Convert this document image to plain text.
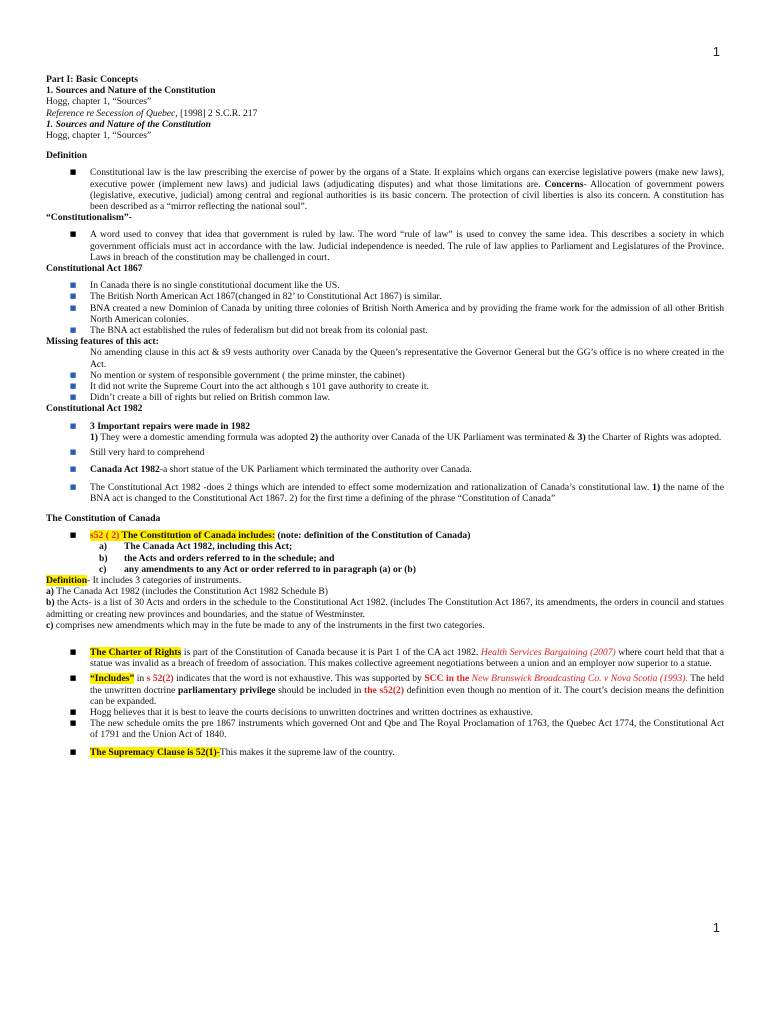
1

Part I: Basic Concepts

1. Sources and Nature of the Constitution

Hogg, chapter 1, “Sources”

Reference re Secession of Quebec, [1998] 2 S.C.R. 217

1. Sources and Nature of the Constitution

Hogg, chapter 1, “Sources”

Definition

■ Constitutional law is the law prescribing the exercise of power by the organs of a State. It explains which organs can exercise legislative powers (make new laws), executive power (implement new laws) and judicial laws (adjudicating disputes) and what those limitations are. Concerns- Allocation of government powers (legislative, executive, judicial) among central and regional authorities is its basic concern. The protection of civil liberties is also its concern. A constitution has been described as a “mirror reflecting the national soul”.

“Constitutionalism”-

■ A word used to convey that idea that government is ruled by law. The word “rule of law” is used to convey the same idea. This describes a society in which government officials must act in accordance with the law. Judicial independence is needed. The rule of law applies to Parliament and Legislatures of the Province. Laws in breach of the constitution may be challenged in court.

Constitutional Act 1867

■ In Canada there is no single constitutional document like the US.
■ The British North American Act 1867(changed in 82’ to Constitutional Act 1867) is similar.
■ BNA created a new Dominion of Canada by uniting three colonies of British North America and by providing the frame work for the admission of all other British North American colonies.
■ The BNA act established the rules of federalism but did not break from its colonial past.

Missing features of this act:

No amending clause in this act & s9 vests authority over Canada by the Queen’s representative the Governor General but the GG’s office is no where created in the Act.

■ No mention or system of responsible government ( the prime minster, the cabinet)
■ It did not write the Supreme Court into the act although s 101 gave authority to create it.
■ Didn’t create a bill of rights but relied on British common law.

Constitutional Act 1982

■ 3 Important repairs were made in 1982
1) They were a domestic amending formula was adopted 2) the authority over Canada of the UK Parliament was terminated & 3) the Charter of Rights was adopted.
■ Still very hard to comprehend
■ Canada Act 1982-a short statue of the UK Parliament which terminated the authority over Canada.
■ The Constitutional Act 1982 -does 2 things which are intended to effect some modernization and rationalization of Canada’s constitutional law. 1) the name of the BNA act is changed to the Constitutional Act 1867. 2) for the first time a defining of the phrase “Constitution of Canada”

The Constitution of Canada

■ s52 ( 2) The Constitution of Canada includes: (note: definition of the Constitution of Canada)
a) The Canada Act 1982, including this Act;
b) the Acts and orders referred to in the schedule; and
c) any amendments to any Act or order referred to in paragraph (a) or (b)

Definition- It includes 3 categories of instruments.

a) The Canada Act 1982 (includes the Constitution Act 1982 Schedule B)

b) the Acts- is a list of 30 Acts and orders in the schedule to the Constitutional Act 1982. (includes The Constitution Act 1867, its amendments, the orders in council and statues admitting or creating new provinces and boundaries, and the statue of Westminster.

c) comprises new amendments which may in the fute be made to any of the instruments in the first two categories.

■ The Charter of Rights is part of the Constitution of Canada because it is Part 1 of the CA act 1982. Health Services Bargaining (2007) where court held that that a statue was invalid as a breach of freedom of association. This makes collective agreement negotiations between a union and an employer now superior to a statue.
■ “Includes” in s 52(2) indicates that the word is not exhaustive. This was supported by SCC in the New Brunswick Broadcasting Co. v Nova Scotia (1993). The held the unwritten doctrine parliamentary privilege should be included in the s52(2) definition even though no mention of it. The court’s decision means the definition can be expanded.
■ Hogg believes that it is best to leave the courts decisions to unwritten doctrines and written doctrines as exhaustive.
■ The new schedule omits the pre 1867 instruments which governed Ont and Qbe and The Royal Proclamation of 1763, the Quebec Act 1774, the Constitutional Act of 1791 and the Union Act of 1840.
■ The Supremacy Clause is 52(1)-This makes it the supreme law of the country.
1
